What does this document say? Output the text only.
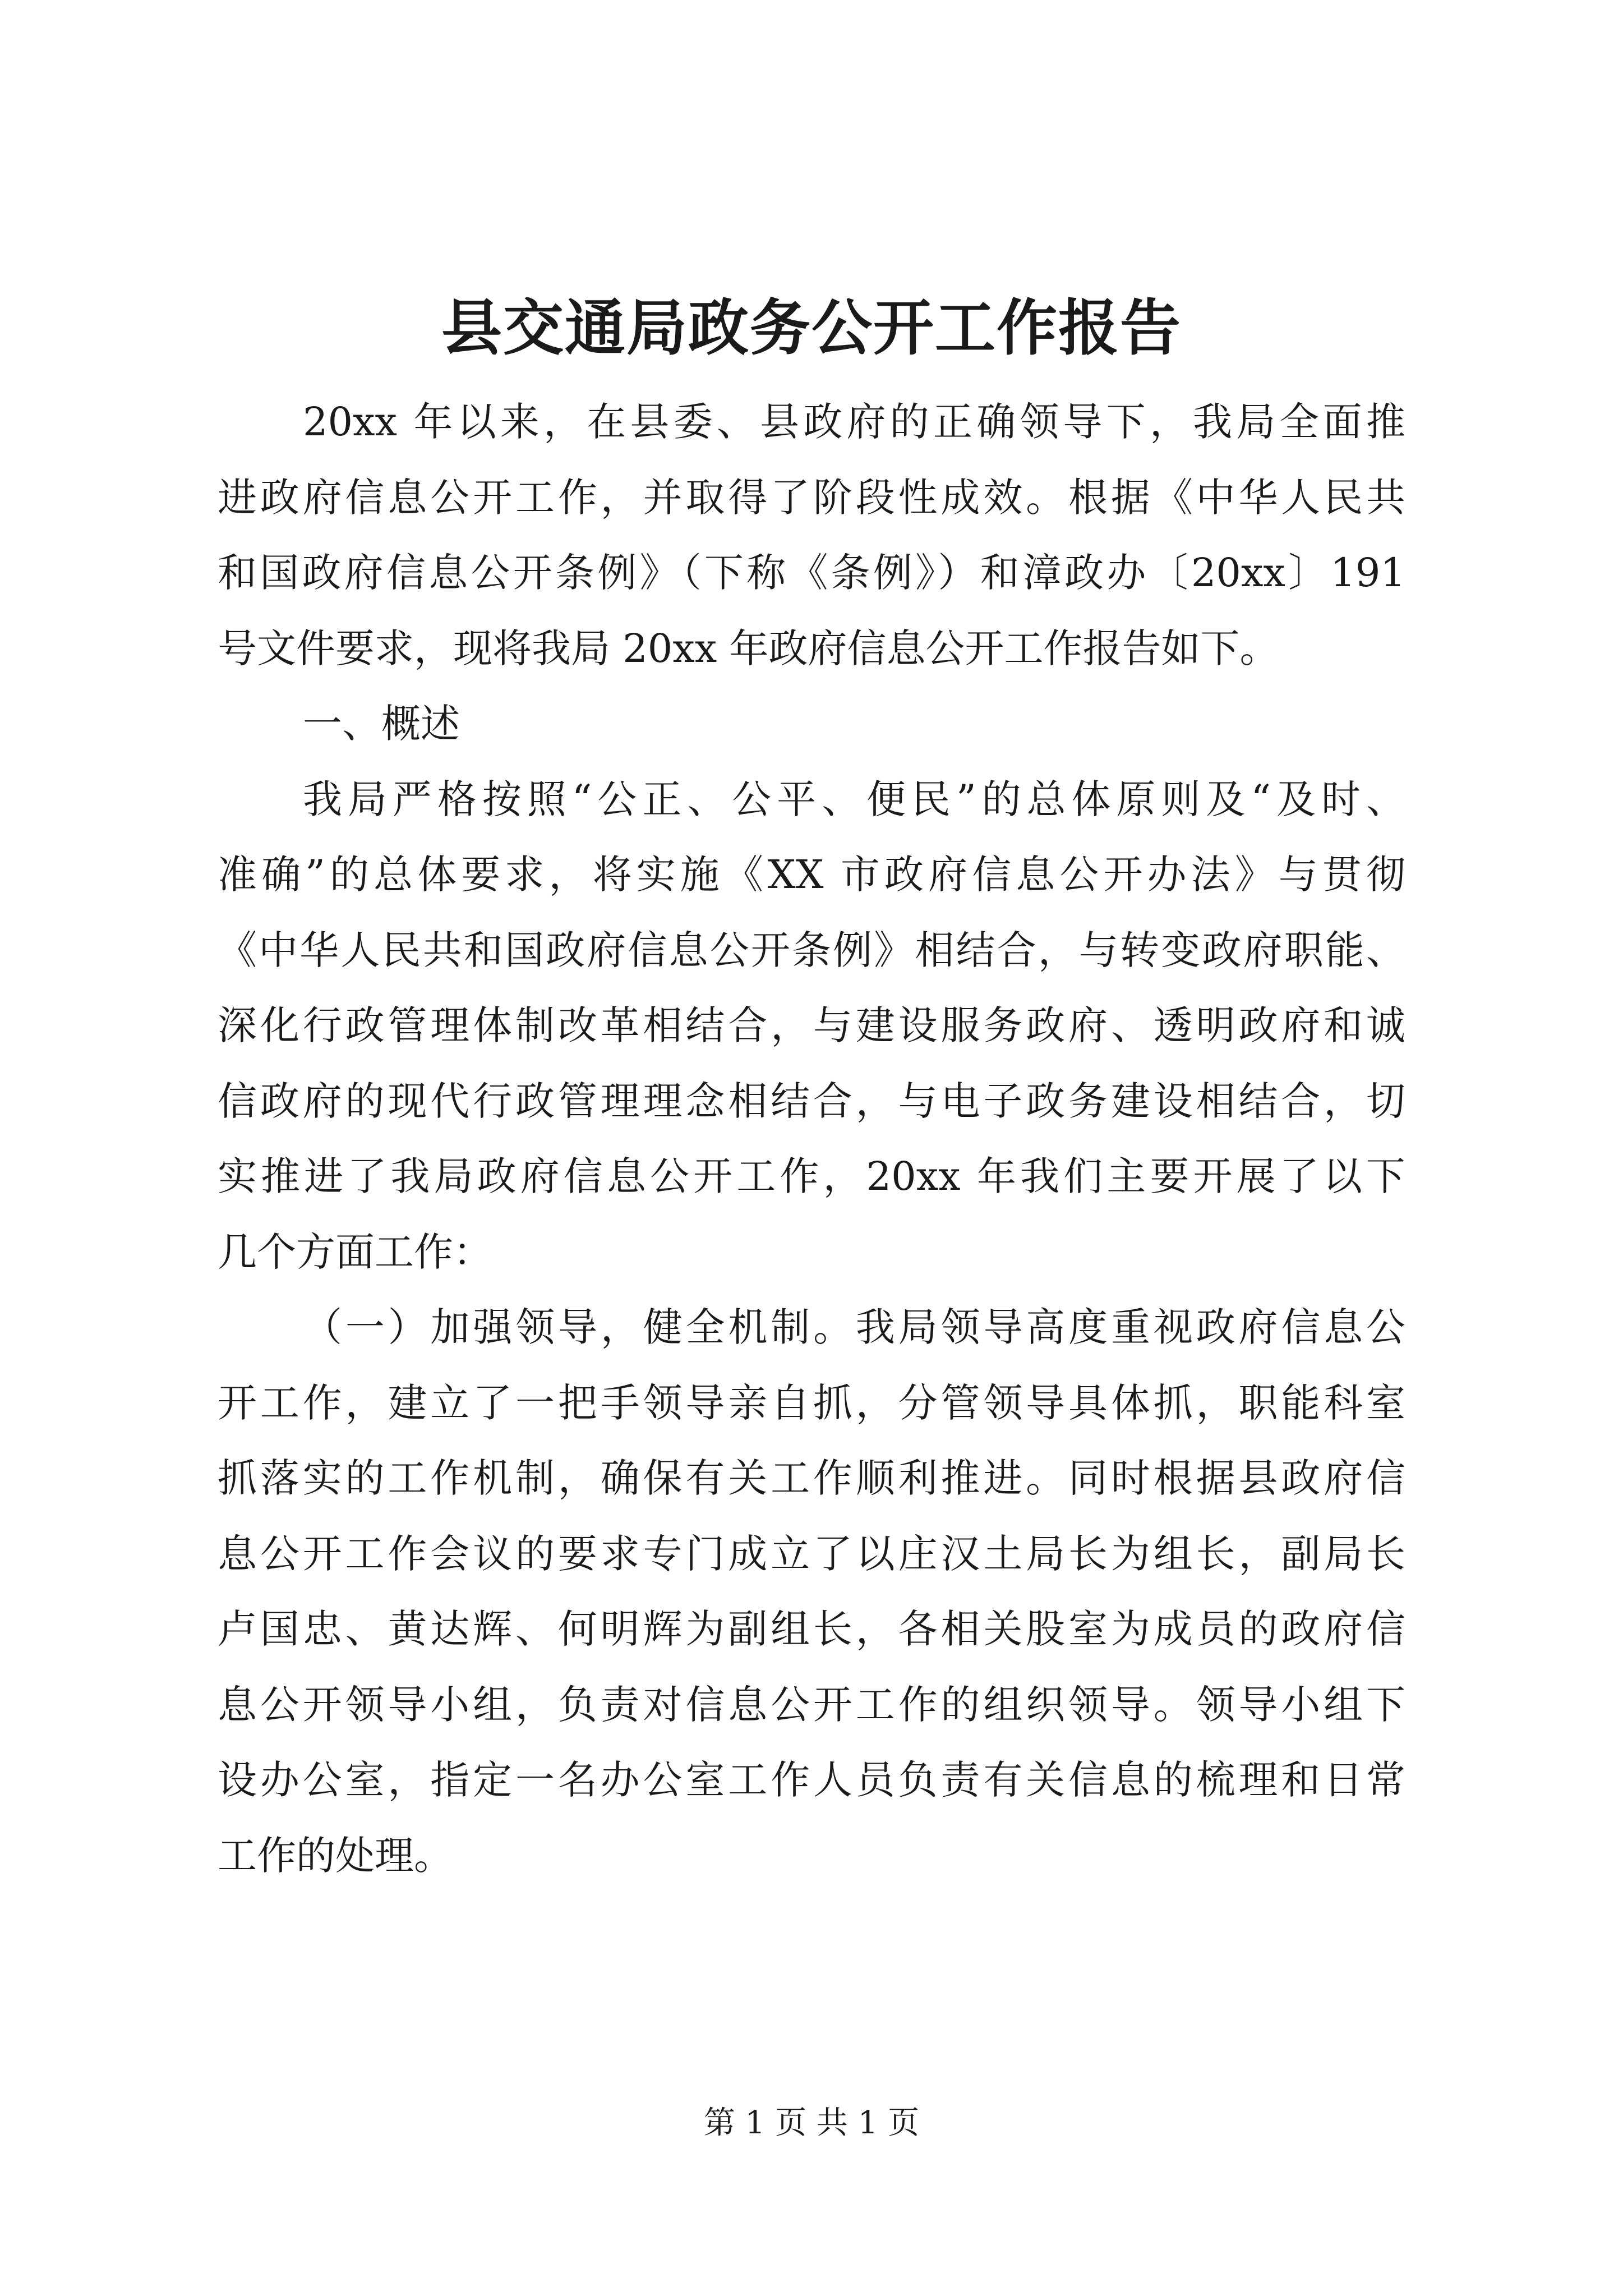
县交通局政务公开工作报告
20xx 年以来，在县委、县政府的正确领导下，我局全面推
进政府信息公开工作，并取得了阶段性成效。根据《中华人民共
和国政府信息公开条例》（下称《条例》）和漳政办〔20xx〕191
号文件要求，现将我局 20xx 年政府信息公开工作报告如下。
一、概述
我局严格按照“公正、公平、便民”的总体原则及“及时、
准确”的总体要求，将实施《XX 市政府信息公开办法》与贯彻
《中华人民共和国政府信息公开条例》相结合，与转变政府职能、
深化行政管理体制改革相结合，与建设服务政府、透明政府和诚
信政府的现代行政管理理念相结合，与电子政务建设相结合，切
实推进了我局政府信息公开工作，20xx 年我们主要开展了以下
几个方面工作：
（一）加强领导，健全机制。我局领导高度重视政府信息公
开工作，建立了一把手领导亲自抓，分管领导具体抓，职能科室
抓落实的工作机制，确保有关工作顺利推进。同时根据县政府信
息公开工作会议的要求专门成立了以庄汉土局长为组长，副局长
卢国忠、黄达辉、何明辉为副组长，各相关股室为成员的政府信
息公开领导小组，负责对信息公开工作的组织领导。领导小组下
设办公室，指定一名办公室工作人员负责有关信息的梳理和日常
工作的处理。
第 1 页 共 1 页
